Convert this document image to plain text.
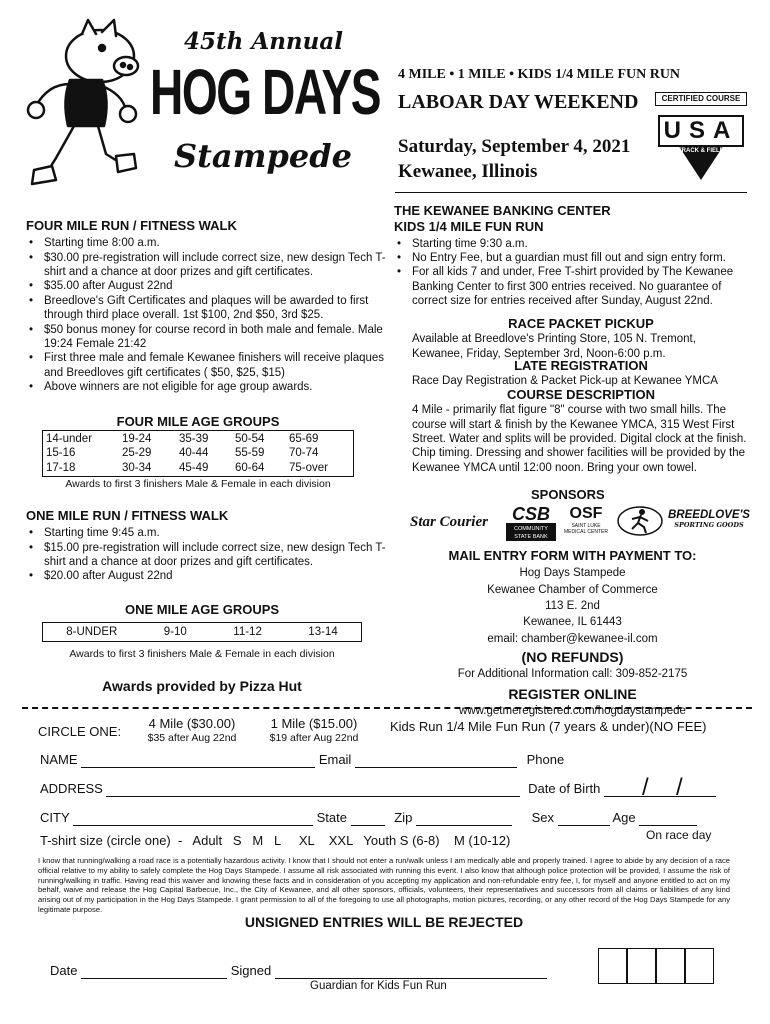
45th Annual
HOG DAYS
Stampede
4 MILE • 1 MILE • KIDS 1/4 MILE FUN RUN
LABOAR DAY WEEKEND
Saturday, September 4, 2021
Kewanee, Illinois
CERTIFIED COURSE
USA
TRACK & FIELD
FOUR MILE RUN / FITNESS WALK
• Starting time 8:00 a.m.
• $30.00 pre-registration will include correct size, new design Tech T-shirt and a chance at door prizes and gift certificates.
• $35.00 after August 22nd
• Breedlove's Gift Certificates and plaques will be awarded to first through third place overall. 1st $100, 2nd $50, 3rd $25.
• $50 bonus money for course record in both male and female. Male 19:24 Female 21:42
• First three male and female Kewanee finishers will receive plaques and Breedloves gift certificates ( $50, $25, $15)
• Above winners are not eligible for age group awards.
FOUR MILE AGE GROUPS
14-under	19-24	35-39	50-54	65-69
15-16	25-29	40-44	55-59	70-74
17-18	30-34	45-49	60-64	75-over
Awards to first 3 finishers Male & Female in each division
ONE MILE RUN / FITNESS WALK
• Starting time 9:45 a.m.
• $15.00 pre-registration will include correct size, new design Tech T-shirt and a chance at door prizes and gift certificates.
• $20.00 after August 22nd
ONE MILE AGE GROUPS
8-UNDER	9-10	11-12	13-14
Awards to first 3 finishers Male & Female in each division
Awards provided by Pizza Hut
THE KEWANEE BANKING CENTER
KIDS 1/4 MILE FUN RUN
• Starting time 9:30 a.m.
• No Entry Fee, but a guardian must fill out and sign entry form.
• For all kids 7 and under, Free T-shirt provided by The Kewanee Banking Center to first 300 entries received. No guarantee of correct size for entries received after Sunday, August 22nd.
RACE PACKET PICKUP
Available at Breedlove's Printing Store, 105 N. Tremont, Kewanee, Friday, September 3rd, Noon-6:00 p.m.
LATE REGISTRATION
Race Day Registration & Packet Pick-up at Kewanee YMCA
COURSE DESCRIPTION
4 Mile - primarily flat figure "8" course with two small hills. The course will start & finish by the Kewanee YMCA, 315 West First Street. Water and splits will be provided. Digital clock at the finish. Chip timing. Dressing and shower facilities will be provided by the Kewanee YMCA until 12:00 noon. Bring your own towel.
SPONSORS
Star Courier	CSB
COMMUNITY STATE BANK
OSF
SAINT LUKE MEDICAL CENTER
BREEDLOVE'S
SPORTING GOODS
MAIL ENTRY FORM WITH PAYMENT TO:
Hog Days Stampede
Kewanee Chamber of Commerce
113 E. 2nd
Kewanee, IL 61443
email: chamber@kewanee-il.com
(NO REFUNDS)
For Additional Information call: 309-852-2175
REGISTER ONLINE
www.getmeregistered.com/hogdaystampede
CIRCLE ONE:
4 Mile ($30.00)
$35 after Aug 22nd
1 Mile ($15.00)
$19 after Aug 22nd
Kids Run 1/4 Mile Fun Run (7 years & under)(NO FEE)
NAME	Email	Phone
ADDRESS	Date of Birth / /
CITY	State	Zip	Sex	Age
T-shirt size (circle one)  -   Adult   S   M   L     XL    XXL   Youth S (6-8)    M (10-12)	On race day
I know that running/walking a road race is a potentially hazardous activity. I know that I should not enter a run/walk unless I am medically able and properly trained. I agree to abide by any decision of a race official relative to my ability to safely complete the Hog Days Stampede. I assume all risk associated with running this event. I also know that although police protection will be provided, I assume the risk of running/walking in traffic. Having read this waiver and knowing these facts and in consideration of you accepting my application and non-refundable entry fee, I, for myself and anyone entitled to act on my behalf, waive and release the Hog Capital Barbecue, Inc., the City of Kewanee, and all other sponsors, officials, volunteers, their representatives and successors from all claims or liabilities of any kind arising out of my participation in the Hog Days Stampede. I grant permission to all of the foregoing to use all photographs, motion pictures, recording, or any other record of the Hog Days Stampede for any legitimate purpose.
UNSIGNED ENTRIES WILL BE REJECTED
Date	Signed
Guardian for Kids Fun Run
